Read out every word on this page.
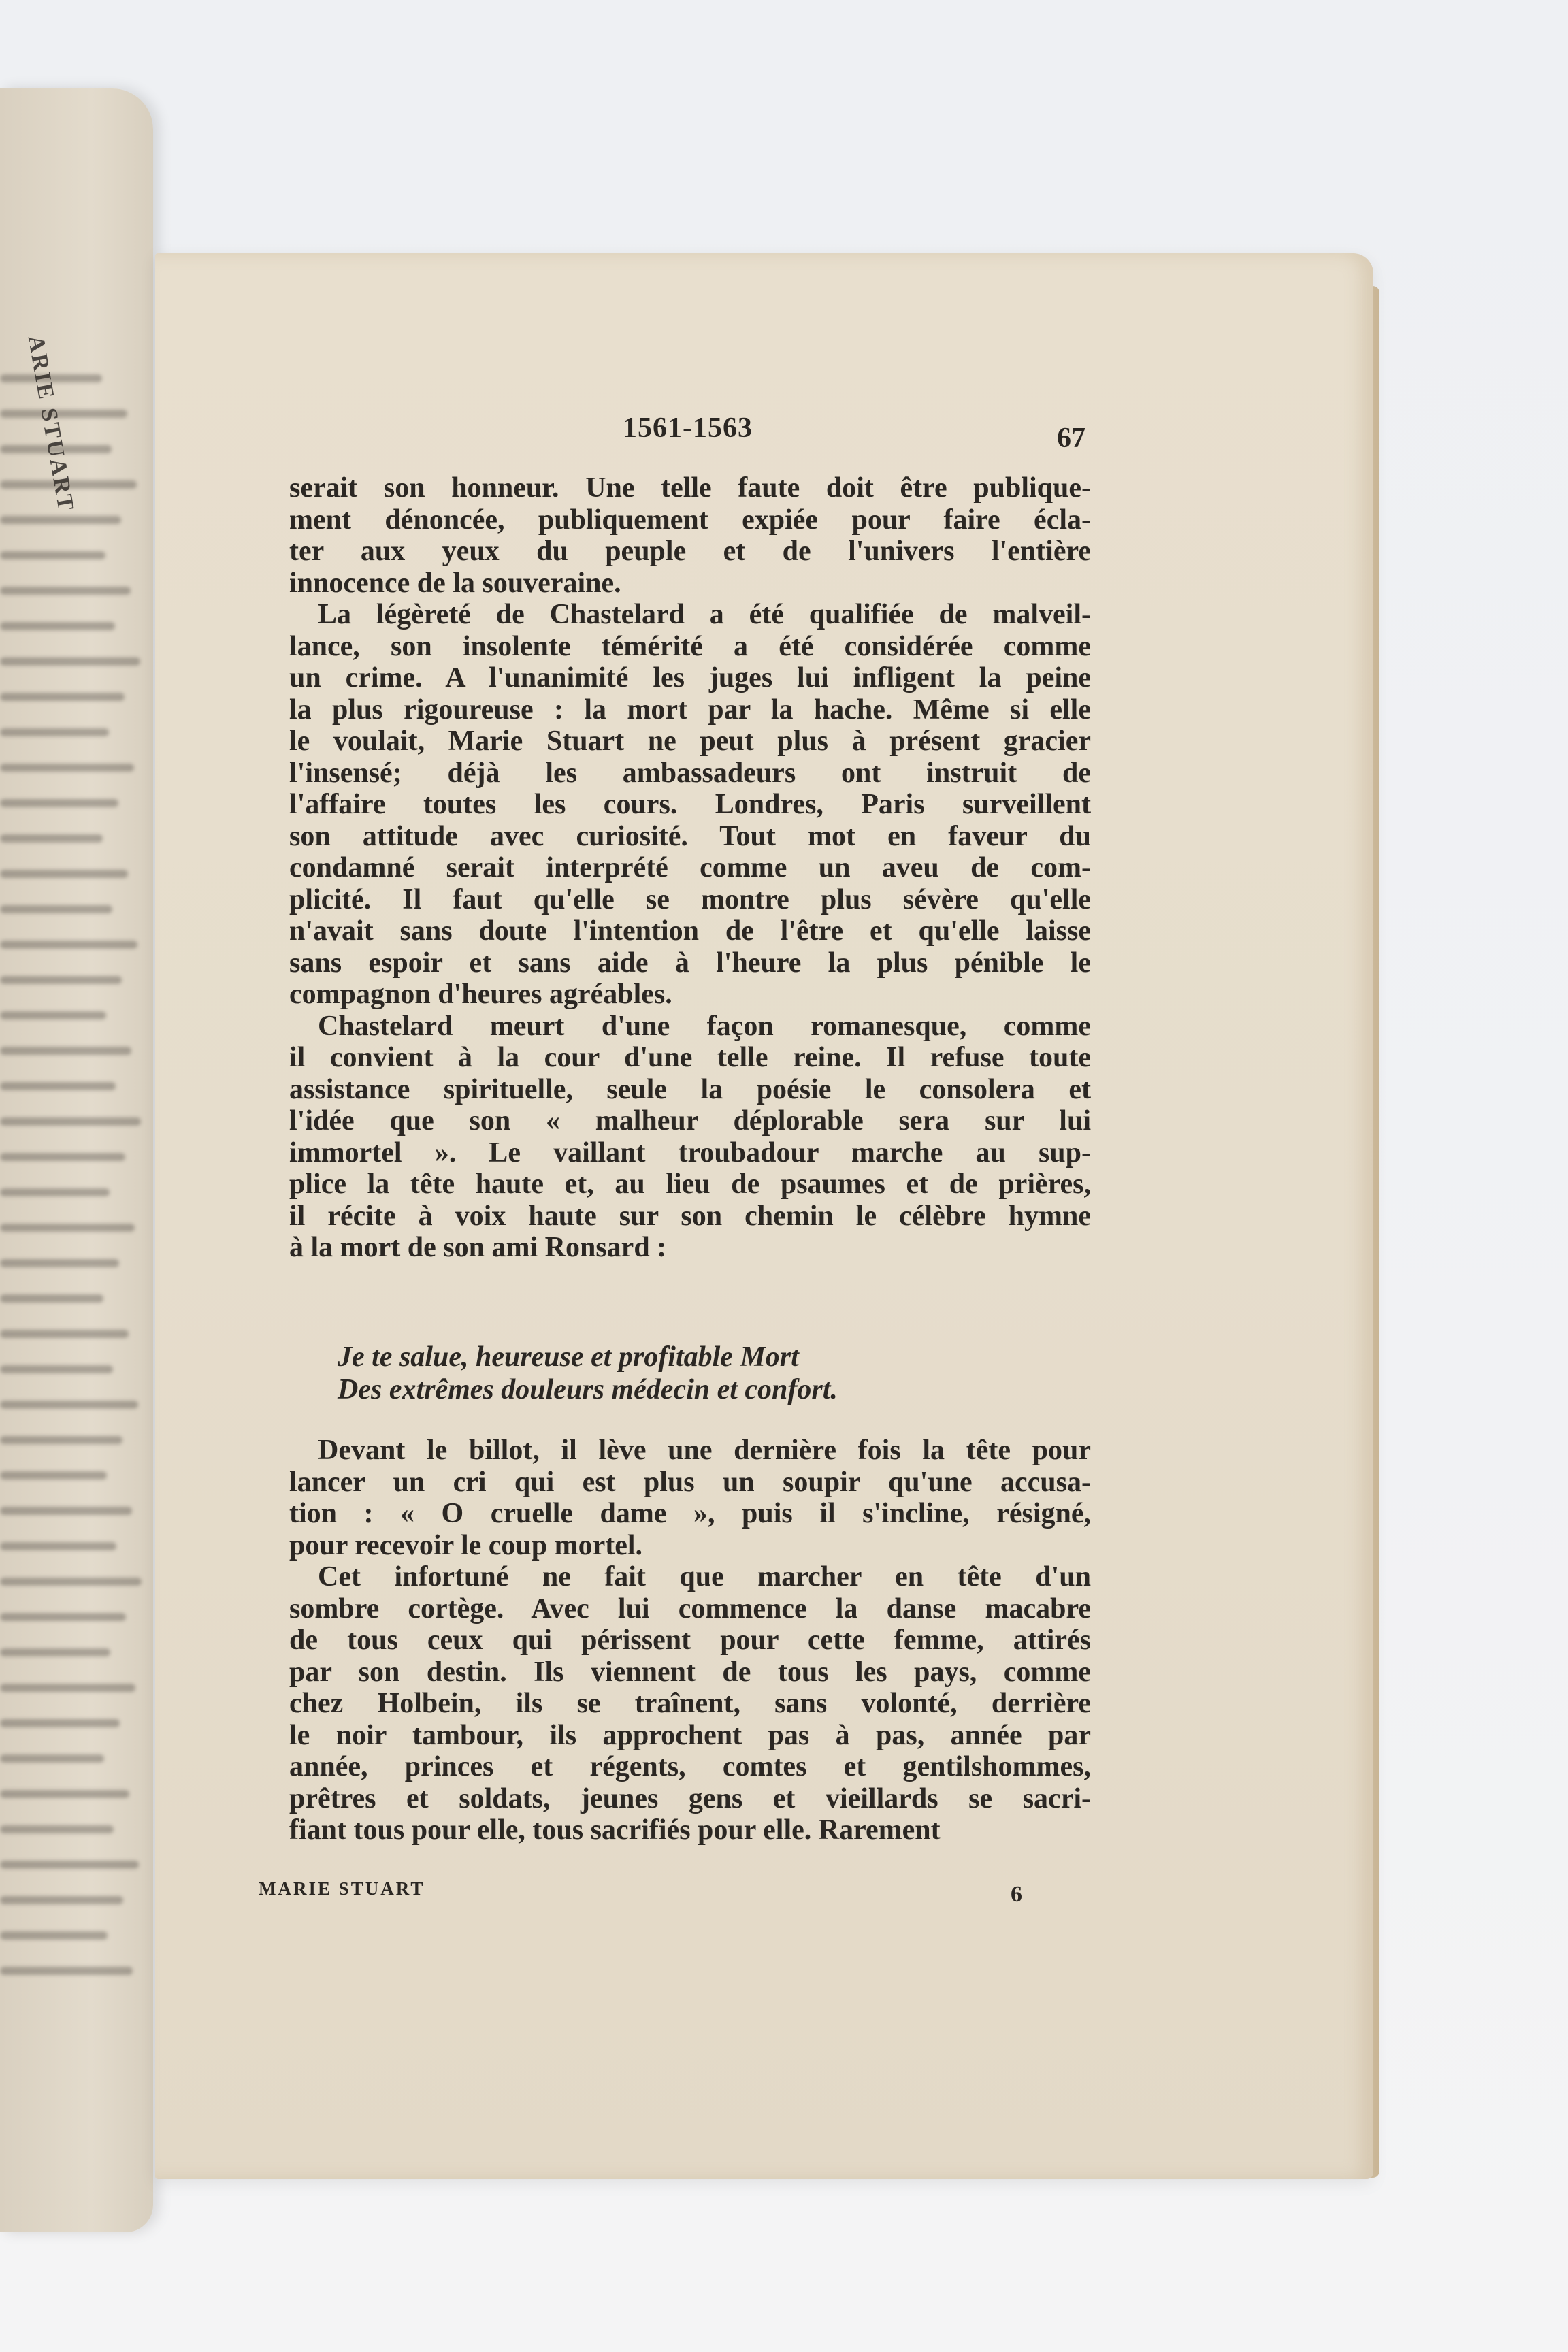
ARIE STUART	1561-1563	67
serait son honneur. Une telle faute doit être publique-
ment dénoncée, publiquement expiée pour faire écla-
ter aux yeux du peuple et de l'univers l'entière
innocence de la souveraine.
La légèreté de Chastelard a été qualifiée de malveil-
lance, son insolente témérité a été considérée comme
un crime. A l'unanimité les juges lui infligent la peine
la plus rigoureuse : la mort par la hache. Même si elle
le voulait, Marie Stuart ne peut plus à présent gracier
l'insensé; déjà les ambassadeurs ont instruit de
l'affaire toutes les cours. Londres, Paris surveillent
son attitude avec curiosité. Tout mot en faveur du
condamné serait interprété comme un aveu de com-
plicité. Il faut qu'elle se montre plus sévère qu'elle
n'avait sans doute l'intention de l'être et qu'elle laisse
sans espoir et sans aide à l'heure la plus pénible le
compagnon d'heures agréables.
Chastelard meurt d'une façon romanesque, comme
il convient à la cour d'une telle reine. Il refuse toute
assistance spirituelle, seule la poésie le consolera et
l'idée que son « malheur déplorable sera sur lui
immortel ». Le vaillant troubadour marche au sup-
plice la tête haute et, au lieu de psaumes et de prières,
il récite à voix haute sur son chemin le célèbre hymne
à la mort de son ami Ronsard :
Je te salue, heureuse et profitable Mort
Des extrêmes douleurs médecin et confort.
Devant le billot, il lève une dernière fois la tête pour
lancer un cri qui est plus un soupir qu'une accusa-
tion : « O cruelle dame », puis il s'incline, résigné,
pour recevoir le coup mortel.
Cet infortuné ne fait que marcher en tête d'un
sombre cortège. Avec lui commence la danse macabre
de tous ceux qui périssent pour cette femme, attirés
par son destin. Ils viennent de tous les pays, comme
chez Holbein, ils se traînent, sans volonté, derrière
le noir tambour, ils approchent pas à pas, année par
année, princes et régents, comtes et gentilshommes,
prêtres et soldats, jeunes gens et vieillards se sacri-
fiant tous pour elle, tous sacrifiés pour elle. Rarement
MARIE STUART	6
